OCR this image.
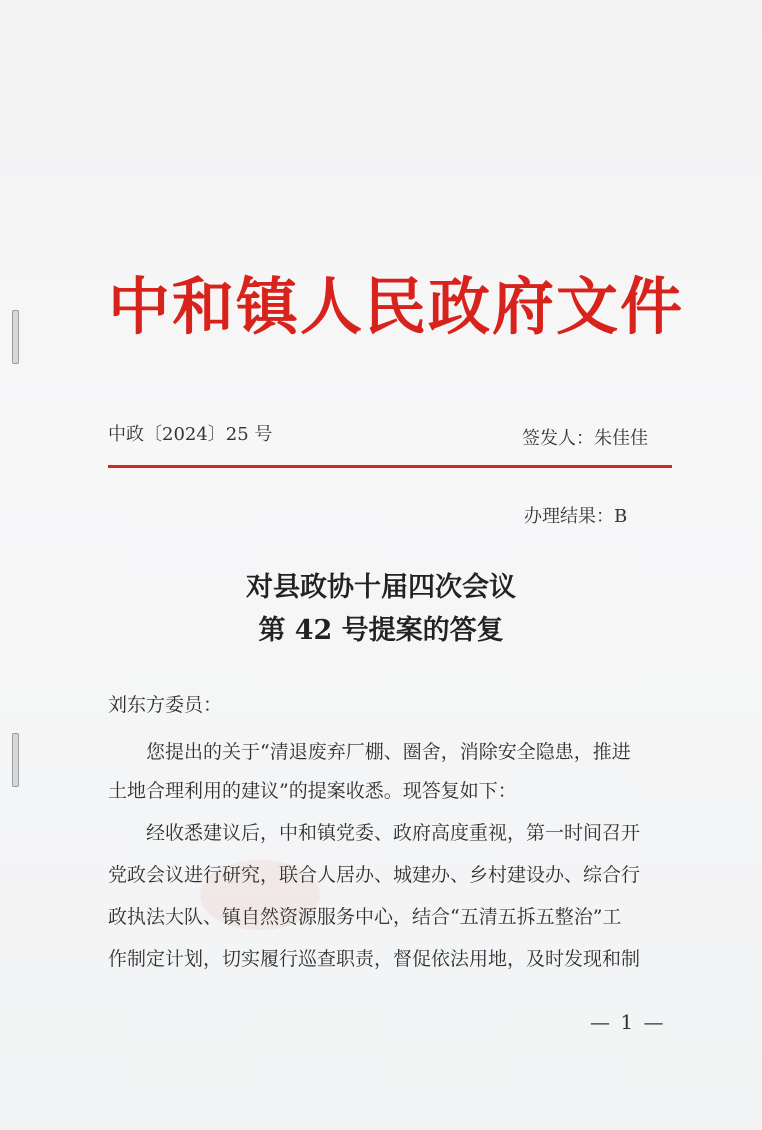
中和镇人民政府文件
中政〔2024〕25 号	签发人：朱佳佳
办理结果：B
对县政协十届四次会议
第 42 号提案的答复
刘东方委员：
　　您提出的关于“清退废弃厂棚、圈舍，消除安全隐患，推进
土地合理利用的建议”的提案收悉。现答复如下：
　　经收悉建议后，中和镇党委、政府高度重视，第一时间召开
党政会议进行研究，联合人居办、城建办、乡村建设办、综合行
政执法大队、镇自然资源服务中心，结合“五清五拆五整治”工
作制定计划，切实履行巡查职责，督促依法用地，及时发现和制
— 1 —
